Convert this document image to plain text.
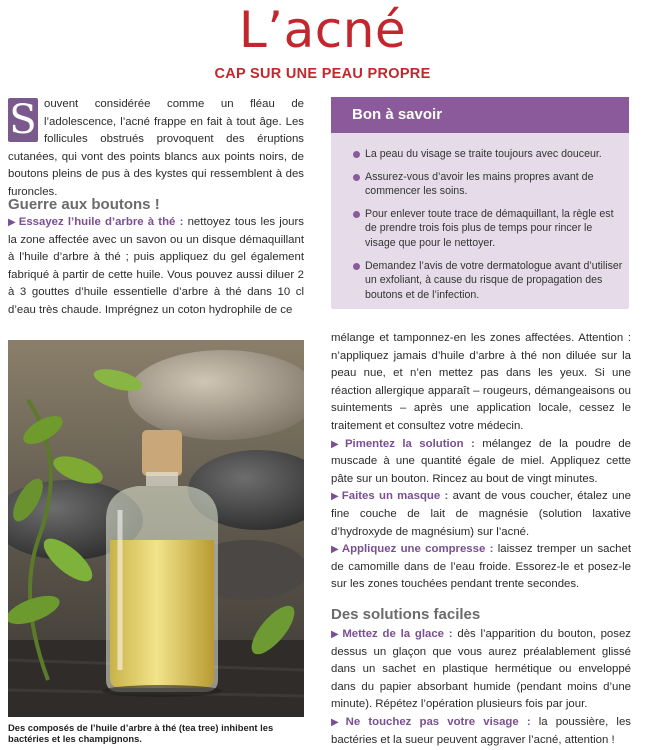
L’acné
CAP SUR UNE PEAU PROPRE
S ouvent considérée comme un fléau de l’adolescence, l’acné frappe en fait à tout âge. Les follicules obstrués provoquent des éruptions cutanées, qui vont des points blancs aux points noirs, de boutons pleins de pus à des kystes qui ressemblent à des furoncles.
Guerre aux boutons !
▶ Essayez l’huile d’arbre à thé : nettoyez tous les jours la zone affectée avec un savon ou un disque démaquillant à l’huile d’arbre à thé ; puis appliquez du gel également fabriqué à partir de cette huile. Vous pouvez aussi diluer 2 à 3 gouttes d’huile essentielle d’arbre à thé dans 10 cl d’eau très chaude. Imprégnez un coton hydrophile de ce
Bon à savoir
La peau du visage se traite toujours avec douceur.
Assurez-vous d’avoir les mains propres avant de commencer les soins.
Pour enlever toute trace de démaquillant, la règle est de prendre trois fois plus de temps pour rincer le visage que pour le nettoyer.
Demandez l’avis de votre dermatologue avant d’utiliser un exfoliant, à cause du risque de propagation des boutons et de l’infection.
Des composés de l’huile d’arbre à thé (tea tree) inhibent les bactéries et les champignons.

mélange et tamponnez-en les zones affectées. Attention : n’appliquez jamais d’huile d’arbre à thé non diluée sur la peau nue, et n’en mettez pas dans les yeux. Si une réaction allergique apparaît – rougeurs, démangeaisons ou suintements – après une application locale, cessez le traitement et consultez votre médecin.

▶ Pimentez la solution : mélangez de la poudre de muscade à une quantité égale de miel. Appliquez cette pâte sur un bouton. Rincez au bout de vingt minutes.

▶ Faites un masque : avant de vous coucher, étalez une fine couche de lait de magnésie (solution laxative d’hydroxyde de magnésium) sur l’acné.

▶ Appliquez une compresse : laissez tremper un sachet de camomille dans de l’eau froide. Essorez-le et posez-le sur les zones touchées pendant trente secondes.

Des solutions faciles

▶ Mettez de la glace : dès l’apparition du bouton, posez dessus un glaçon que vous aurez préalablement glissé dans un sachet en plastique hermétique ou enveloppé dans du papier absorbant humide (pendant moins d’une minute). Répétez l’opération plusieurs fois par jour.

▶ Ne touchez pas votre visage : la poussière, les bactéries et la sueur peuvent aggraver l’acné, attention !
